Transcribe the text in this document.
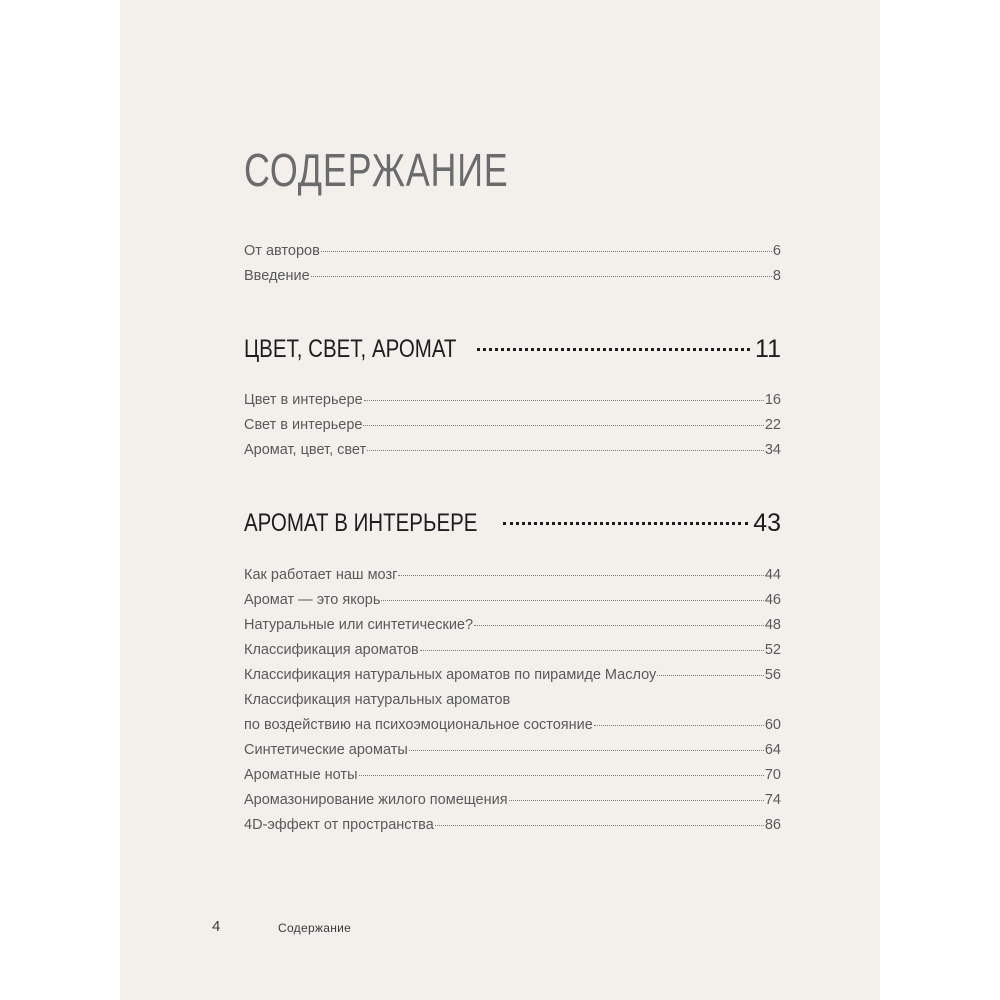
СОДЕРЖАНИЕ
От авторов	6
Введение	8
ЦВЕТ, СВЕТ, АРОМАТ	11
Цвет в интерьере	16
Свет в интерьере	22
Аромат, цвет, свет	34
АРОМАТ В ИНТЕРЬЕРЕ	43
Как работает наш мозг	44
Аромат — это якорь	46
Натуральные или синтетические?	48
Классификация ароматов	52
Классификация натуральных ароматов по пирамиде Маслоу	56
Классификация натуральных ароматов
по воздействию на психоэмоциональное состояние	60
Синтетические ароматы	64
Ароматные ноты	70
Аромазонирование жилого помещения	74
4D-эффект от пространства	86
4	Содержание
